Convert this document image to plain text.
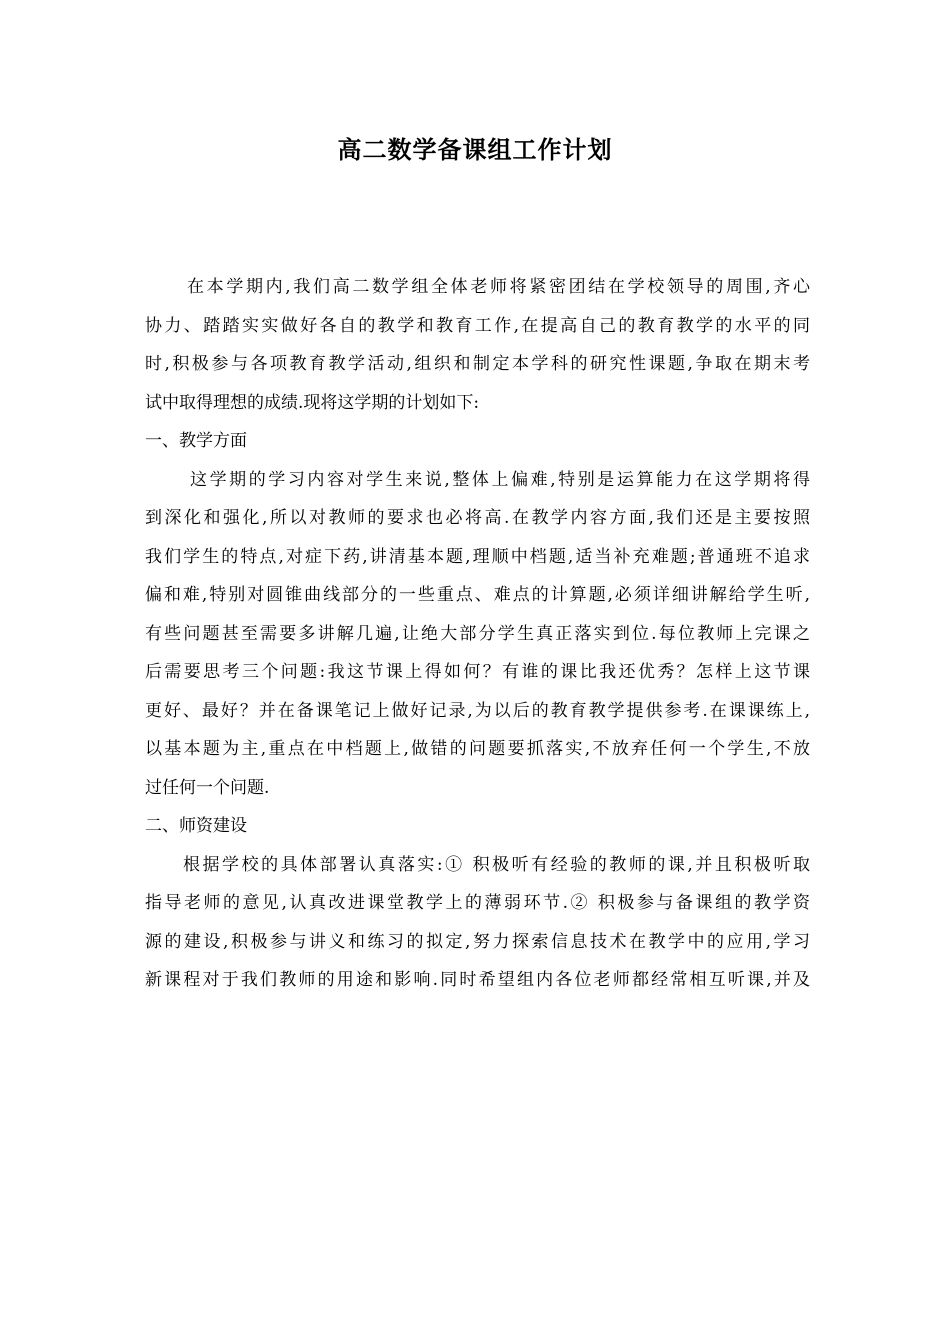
高二数学备课组工作计划
在本学期内,我们高二数学组全体老师将紧密团结在学校领导的周围,齐心
协力、踏踏实实做好各自的教学和教育工作,在提高自己的教育教学的水平的同
时,积极参与各项教育教学活动,组织和制定本学科的研究性课题,争取在期末考
试中取得理想的成绩.现将这学期的计划如下:
一、教学方面
这学期的学习内容对学生来说,整体上偏难,特别是运算能力在这学期将得
到深化和强化,所以对教师的要求也必将高.在教学内容方面,我们还是主要按照
我们学生的特点,对症下药,讲清基本题,理顺中档题,适当补充难题;普通班不追求
偏和难,特别对圆锥曲线部分的一些重点、难点的计算题,必须详细讲解给学生听,
有些问题甚至需要多讲解几遍,让绝大部分学生真正落实到位.每位教师上完课之
后需要思考三个问题:我这节课上得如何？有谁的课比我还优秀？怎样上这节课
更好、最好？并在备课笔记上做好记录,为以后的教育教学提供参考.在课课练上,
以基本题为主,重点在中档题上,做错的问题要抓落实,不放弃任何一个学生,不放
过任何一个问题.
二、师资建设
根据学校的具体部署认真落实:① 积极听有经验的教师的课,并且积极听取
指导老师的意见,认真改进课堂教学上的薄弱环节.② 积极参与备课组的教学资
源的建设,积极参与讲义和练习的拟定,努力探索信息技术在教学中的应用,学习
新课程对于我们教师的用途和影响.同时希望组内各位老师都经常相互听课,并及
